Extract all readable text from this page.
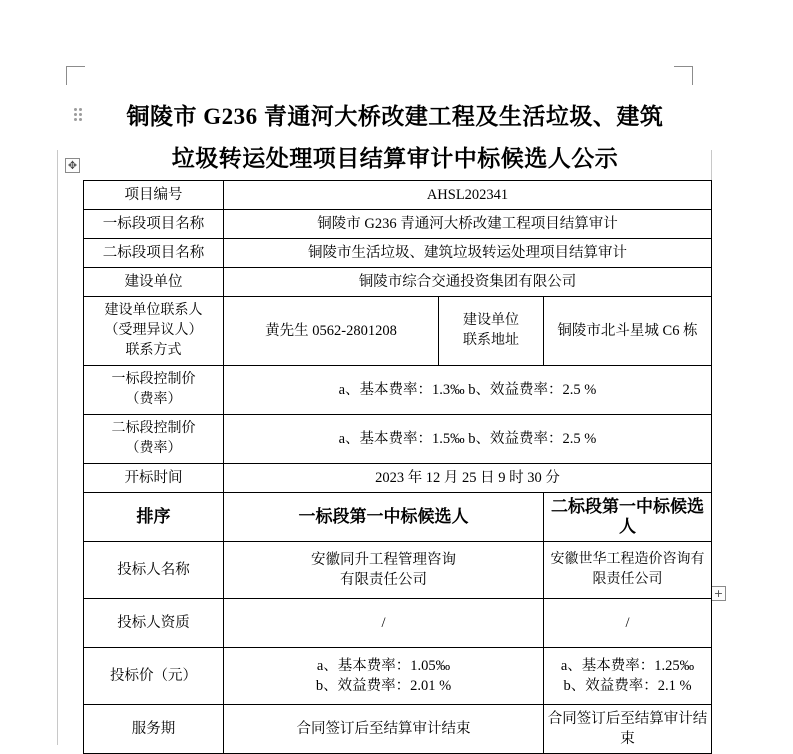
✥
+
铜陵市 G236 青通河大桥改建工程及生活垃圾、建筑
垃圾转运处理项目结算审计中标候选人公示
项目编号	AHSL202341		
一标段项目名称	铜陵市 G236 青通河大桥改建工程项目结算审计		
二标段项目名称	铜陵市生活垃圾、建筑垃圾转运处理项目结算审计		
建设单位	铜陵市综合交通投资集团有限公司		

建设单位联系人
（受理异议人）
联系方式	黄先生 0562-2801208	建设单位
联系地址	铜陵市北斗星城 C6 栋

一标段控制价
（费率）	a、基本费率：1.3‰ b、效益费率：2.5 %		

二标段控制价
（费率）	a、基本费率：1.5‰ b、效益费率：2.5 %		
开标时间	2023 年 12 月 25 日 9 时 30 分		
排序	一标段第一中标候选人		二标段第一中标候选人
投标人名称	安徽同升工程管理咨询
有限责任公司		安徽世华工程造价咨询有限责任公司
投标人资质	/		/
投标价（元）	a、基本费率：1.05‰
b、效益费率：2.01 %		a、基本费率：1.25‰
b、效益费率：2.1 %

服务期	合同签订后至结算审计结束		合同签订后至结算审计结束
